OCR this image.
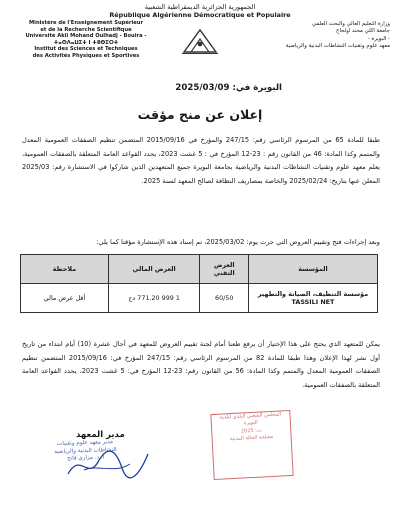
الجمهورية الجزائرية الديمقراطية الشعبية
République Algérienne Démocratique et Populaire
Ministère de l'Enseignement Supérieur
et de la Recherche Scientifique
Université Akli Mohand Oulhadj - Bouira -
ⵜⴰⵙⴷⴰⵡⵉⵜ ⵏ ⵜⵓⴱⵉⵔⵜ
Institut des Sciences et Techniques
des Activités Physiques et Sportives
وزارة التعليم العالي والبحث العلمي
جامعة أكلي محند أولحاج
- البويرة -
معهد علوم وتقنيات النشاطات البدنية والرياضية
البويرة في: 2025/03/09
إعلان عن منح مؤقت
طبقا للمادة 65 من المرسوم الرئاسي رقم: 247/15 والمؤرخ في 2015/09/16 المتضمن تنظيم الصفقات العمومية المعدل والمتمم وكذا المادة: 46 من القانون رقم : 23-12 المؤرخ في : 5 غشت 2023، يحدد القواعد العامة المتعلقة بالصفقات العمومية، يعلم معهد علوم وتقنيات النشاطات البدنية والرياضية بجامعة البويرة جميع المتعهدين الذين شاركوا في الاستشارة رقم: 2025/03 المعلن عنها بتاريخ: 2025/02/24 والخاصة بمصاريف النظافة لصالح المعهد لسنة 2025.
وبعد إجراءات فتح وتقييم العروض التي جرت يوم: 2025/03/02، تم إسناد هذه الإستشارة مؤقتا كما يلي:
المؤسسة	العرض التقني	العرض المالي	ملاحظة

مؤسسة التنظيف، الصيانة والتطهير
TASSILI NET	60/50	1 999 771.20 دج	أقل عرض مالي
يمكن للمتعهد الذي يحتج على هذا الإختيار أن يرفع طعنا أمام لجنة تقييم العروض للمعهد في آجال عشرة (10) أيام ابتداء من تاريخ أول نشر لهذا الإعلان وهذا طبقا للمادة 82 من المرسوم الرئاسي رقم: 247/15 المؤرخ في: 2015/09/16 المتضمن تنظيم الصفقات العمومية المعدل والمتمم وكذا المادة: 56 من القانون رقم: 23-12 المؤرخ في: 5 غشت 2023، يحدد القواعد العامة المتعلقة بالصفقات العمومية.
المجلس الشعبي البلدي لبلدية
البويرة
ت: 2025
مصلحة الحالة المدنية
مدير المعهد
مدير معهد علوم وتقنيات
النشاطات البدنية والرياضية
أ. د. مزاري فاتح
